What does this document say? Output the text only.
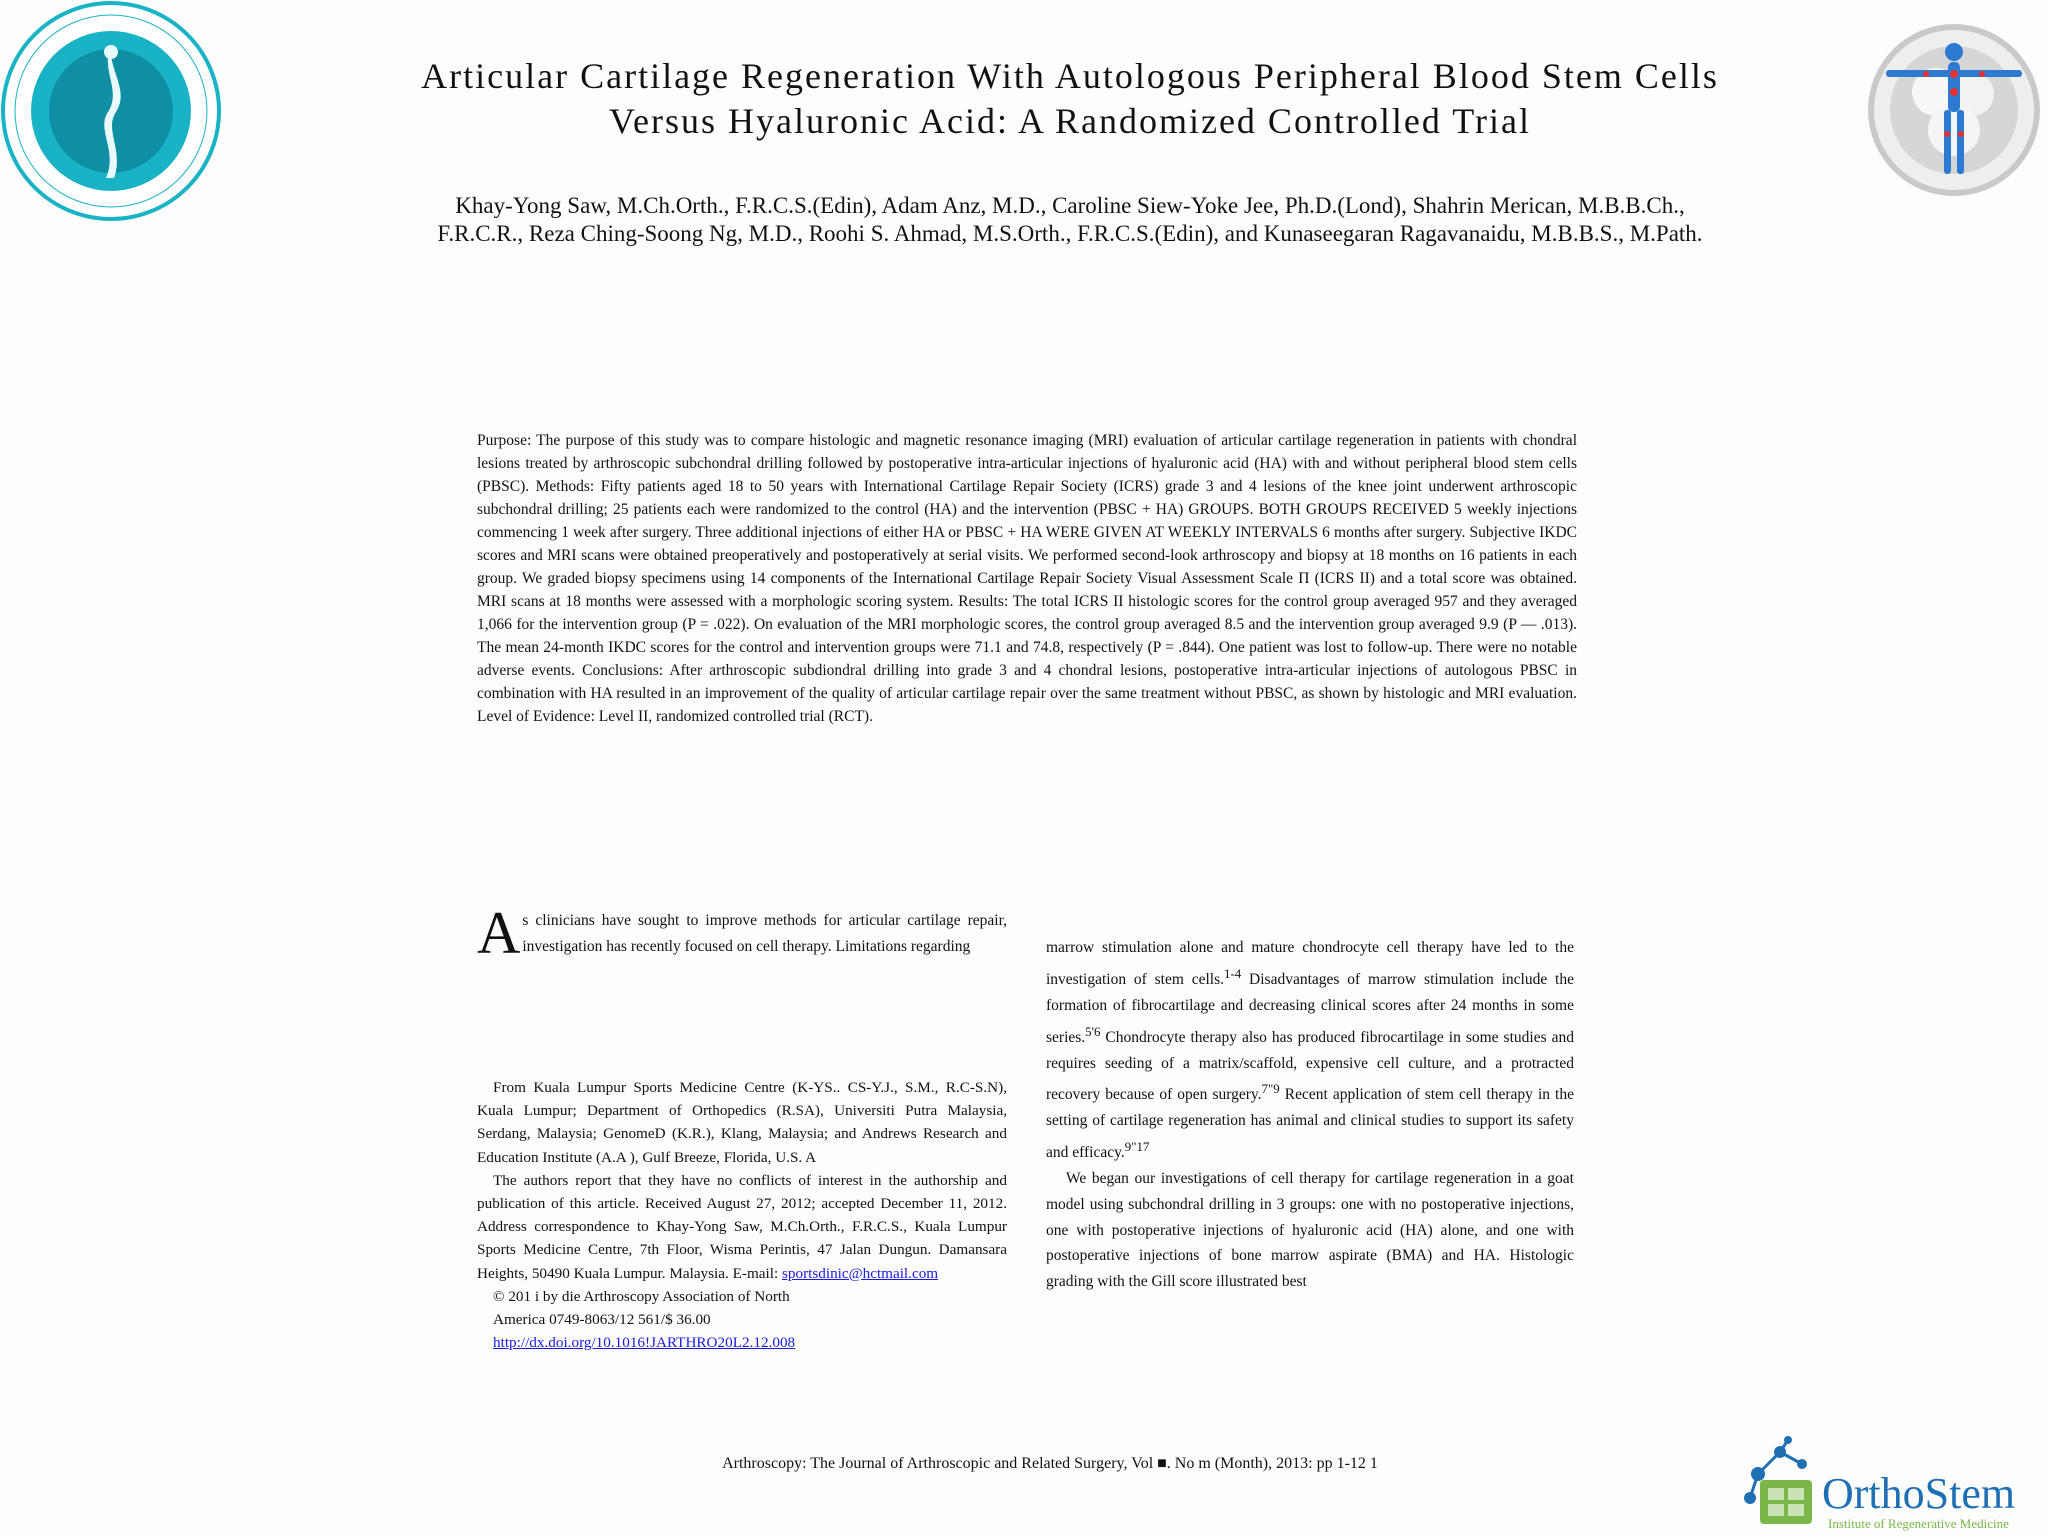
Articular Cartilage Regeneration With Autologous Peripheral Blood Stem Cells Versus Hyaluronic Acid: A Randomized Controlled Trial

Khay-Yong Saw, M.Ch.Orth., F.R.C.S.(Edin), Adam Anz, M.D., Caroline Siew-Yoke Jee, Ph.D.(Lond), Shahrin Merican, M.B.B.Ch., F.R.C.R., Reza Ching-Soong Ng, M.D., Roohi S. Ahmad, M.S.Orth., F.R.C.S.(Edin), and Kunaseegaran Ragavanaidu, M.B.B.S., M.Path.

Purpose: The purpose of this study was to compare histologic and magnetic resonance imaging (MRI) evaluation of articular cartilage regeneration in patients with chondral lesions treated by arthroscopic subchondral drilling followed by postoperative intra-articular injections of hyaluronic acid (HA) with and without peripheral blood stem cells (PBSC). Methods: Fifty patients aged 18 to 50 years with International Cartilage Repair Society (ICRS) grade 3 and 4 lesions of the knee joint underwent arthroscopic subchondral drilling; 25 patients each were randomized to the control (HA) and the intervention (PBSC + HA) GROUPS. BOTH GROUPS RECEIVED 5 weekly injections commencing 1 week after surgery. Three additional injections of either HA or PBSC + HA WERE GIVEN AT WEEKLY INTERVALS 6 months after surgery. Subjective IKDC scores and MRI scans were obtained preoperatively and postoperatively at serial visits. We performed second-look arthroscopy and biopsy at 18 months on 16 patients in each group. We graded biopsy specimens using 14 components of the International Cartilage Repair Society Visual Assessment Scale Π (ICRS II) and a total score was obtained. MRI scans at 18 months were assessed with a morphologic scoring system. Results: The total ICRS II histologic scores for the control group averaged 957 and they averaged 1,066 for the intervention group (P = .022). On evaluation of the MRI morphologic scores, the control group averaged 8.5 and the intervention group averaged 9.9 (P — .013). The mean 24-month IKDC scores for the control and intervention groups were 71.1 and 74.8, respectively (P = .844). One patient was lost to follow-up. There were no notable adverse events. Conclusions: After arthroscopic subdiondral drilling into grade 3 and 4 chondral lesions, postoperative intra-articular injections of autologous PBSC in combination with HA resulted in an improvement of the quality of articular cartilage repair over the same treatment without PBSC, as shown by histologic and MRI evaluation. Level of Evidence: Level II, randomized controlled trial (RCT).

As clinicians have sought to improve methods for articular cartilage repair, investigation has recently focused on cell therapy. Limitations regarding

From Kuala Lumpur Sports Medicine Centre (K-YS.. CS-Y.J., S.M., R.C-S.N), Kuala Lumpur; Department of Orthopedics (R.SA), Universiti Putra Malaysia, Serdang, Malaysia; GenomeD (K.R.), Klang, Malaysia; and Andrews Research and Education Institute (A.A ), Gulf Breeze, Florida, U.S. A

The authors report that they have no conflicts of interest in the authorship and publication of this article. Received August 27, 2012; accepted December 11, 2012. Address correspondence to Khay-Yong Saw, M.Ch.Orth., F.R.C.S., Kuala Lumpur Sports Medicine Centre, 7th Floor, Wisma Perintis, 47 Jalan Dungun. Damansara Heights, 50490 Kuala Lumpur. Malaysia. E-mail: sportsdinic@hctmail.com

© 201 i by die Arthroscopy Association of North

America 0749-8063/12 561/$ 36.00

http://dx.doi.org/10.1016!JARTHRO20L2.12.008

marrow stimulation alone and mature chondrocyte cell therapy have led to the investigation of stem cells.$^{1-4}$ Disadvantages of marrow stimulation include the formation of fibrocartilage and decreasing clinical scores after 24 months in some series.$^{5'6}$ Chondrocyte therapy also has produced fibrocartilage in some studies and requires seeding of a matrix/scaffold, expensive cell culture, and a protracted recovery because of open surgery.$^{7"9}$ Recent application of stem cell therapy in the setting of cartilage regeneration has animal and clinical studies to support its safety and efficacy.$^{9"17}$

We began our investigations of cell therapy for cartilage regeneration in a goat model using subchondral drilling in 3 groups: one with no postoperative injections, one with postoperative injections of hyaluronic acid (HA) alone, and one with postoperative injections of bone marrow aspirate (BMA) and HA. Histologic grading with the Gill score illustrated best

Arthroscopy: The Journal of Arthroscopic and Related Surgery, Vol ■. No m (Month), 2013: pp 1-12 1

OrthoStem
Institute of Regenerative Medicine
